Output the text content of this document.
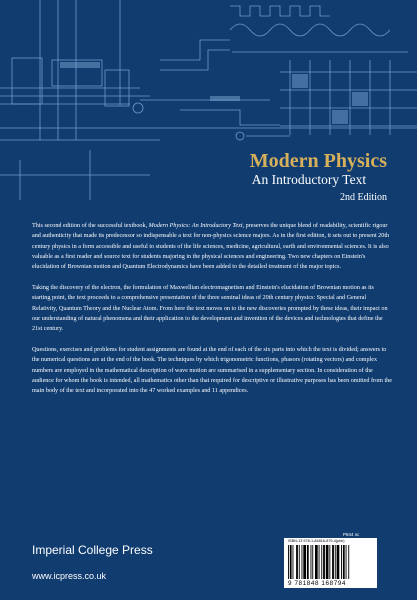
Modern Physics
An Introductory Text
2nd Edition

This second edition of the successful textbook, Modern Physics: An Introductory Text, preserves the unique blend of readability, scientific rigour and authenticity that made its predecessor so indispensable a text for non-physics science majors. As in the first edition, it sets out to present 20th century physics in a form accessible and useful to students of the life sciences, medicine, agricultural, earth and environmental sciences. It is also valuable as a first reader and source text for students majoring in the physical sciences and engineering. Two new chapters on Einstein's elucidation of Brownian motion and Quantum Electrodynamics have been added to the detailed treatment of the major topics.

Taking the discovery of the electron, the formulation of Maxwellian electromagnetism and Einstein's elucidation of Brownian motion as its starting point, the text proceeds to a comprehensive presentation of the three seminal ideas of 20th century physics: Special and General Relativity, Quantum Theory and the Nuclear Atom. From here the text moves on to the new discoveries prompted by these ideas, their impact on our understanding of natural phenomena and their application to the development and invention of the devices and technologies that define the 21st century.

Questions, exercises and problems for student assignments are found at the end of each of the six parts into which the text is divided; answers to the numerical questions are at the end of the book. The techniques by which trigonometric functions, phasors (rotating vectors) and complex numbers are employed in the mathematical description of wave motion are summarised in a supplementary section. In consideration of the audience for whom the book is intended, all mathematics other than that required for descriptive or illustrative purposes has been omitted from the main body of the text and incorporated into the 47 worked examples and 11 appendices.

Imperial College Press
www.icpress.co.uk
P844 sc
ISBN-13 978-1-84816-879-4(pbk)
9 781848 168794
